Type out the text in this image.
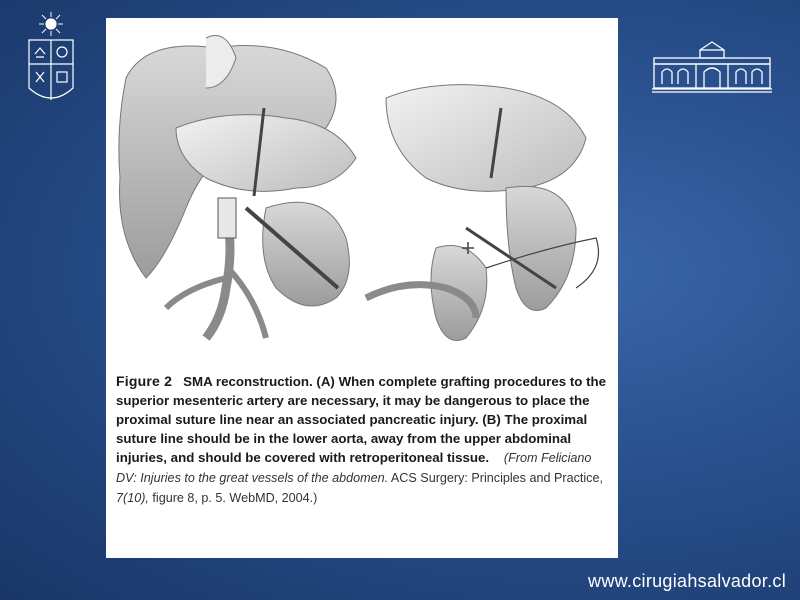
Figure 2 SMA reconstruction. (A) When complete grafting procedures to the superior mesenteric artery are necessary, it may be dangerous to place the proximal suture line near an associated pancreatic injury. (B) The proximal suture line should be in the lower aorta, away from the upper abdominal injuries, and should be covered with retroperitoneal tissue. (From Feliciano DV: Injuries to the great vessels of the abdomen. ACS Surgery: Principles and Practice, 7(10), figure 8, p. 5. WebMD, 2004.)
www.cirugiahsalvador.cl
